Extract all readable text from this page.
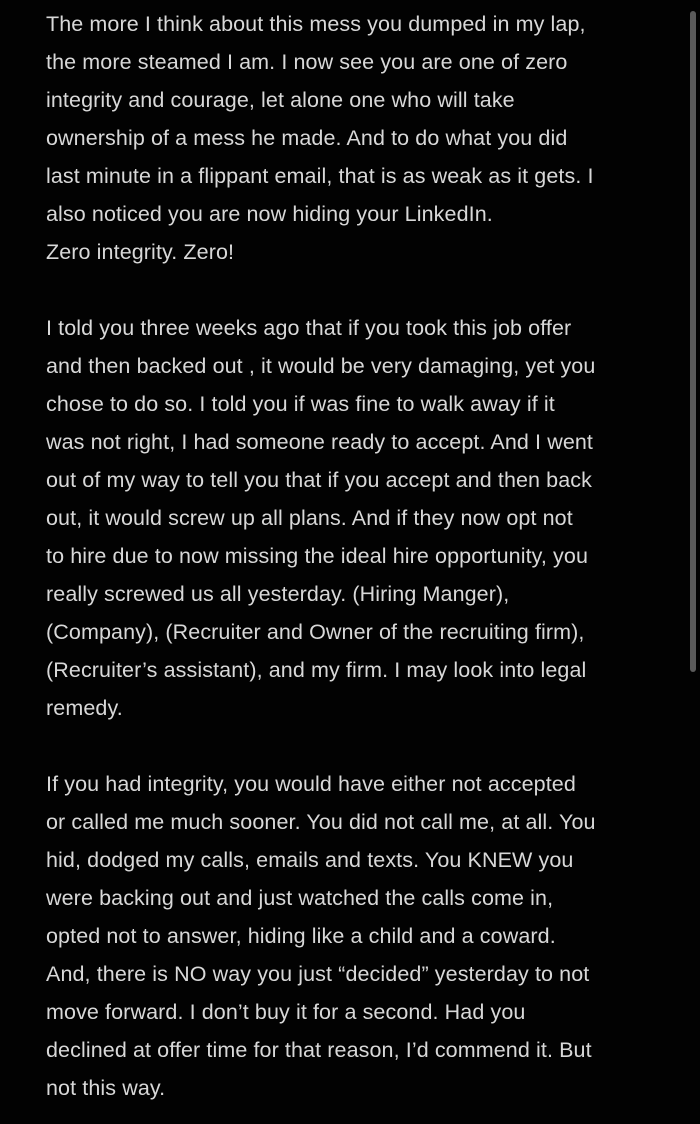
The more I think about this mess you dumped in my lap,
the more steamed I am. I now see you are one of zero
integrity and courage, let alone one who will take
ownership of a mess he made. And to do what you did
last minute in a flippant email, that is as weak as it gets. I
also noticed you are now hiding your LinkedIn.
Zero integrity. Zero!
I told you three weeks ago that if you took this job offer
and then backed out , it would be very damaging, yet you
chose to do so. I told you if was fine to walk away if it
was not right, I had someone ready to accept. And I went
out of my way to tell you that if you accept and then back
out, it would screw up all plans. And if they now opt not
to hire due to now missing the ideal hire opportunity, you
really screwed us all yesterday. (Hiring Manger),
(Company), (Recruiter and Owner of the recruiting firm),
(Recruiter’s assistant), and my firm. I may look into legal
remedy.
If you had integrity, you would have either not accepted
or called me much sooner. You did not call me, at all. You
hid, dodged my calls, emails and texts. You KNEW you
were backing out and just watched the calls come in,
opted not to answer, hiding like a child and a coward.
And, there is NO way you just “decided” yesterday to not
move forward. I don’t buy it for a second. Had you
declined at offer time for that reason, I’d commend it. But
not this way.
